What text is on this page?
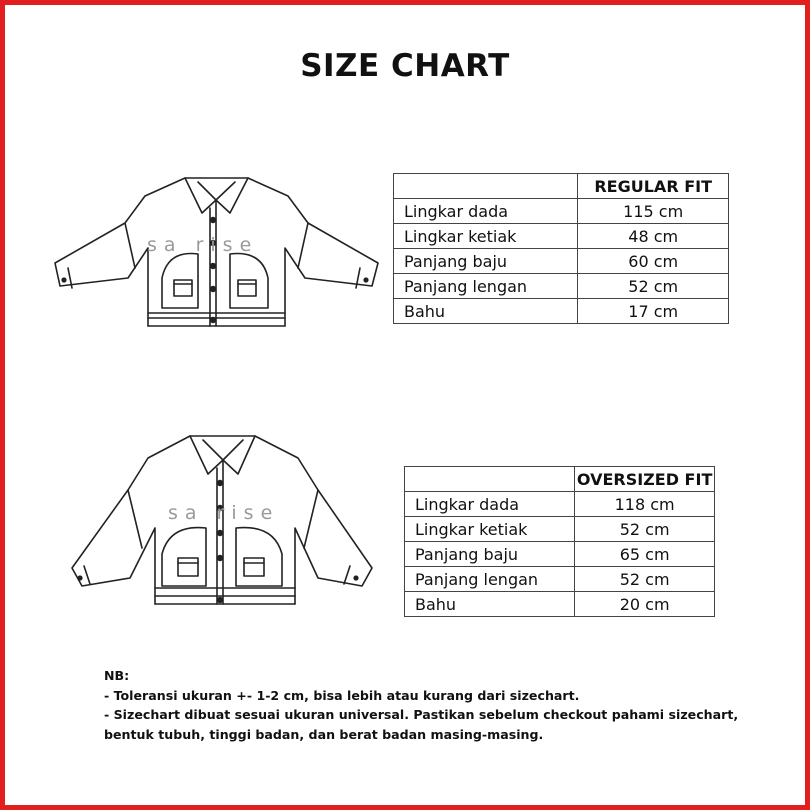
SIZE CHART
sa rise
	REGULAR FIT
Lingkar dada	115 cm
Lingkar ketiak	48 cm
Panjang baju	60 cm
Panjang lengan	52 cm
Bahu	17 cm
sa rise
	OVERSIZED FIT
Lingkar dada	118 cm
Lingkar ketiak	52 cm
Panjang baju	65 cm
Panjang lengan	52 cm
Bahu	20 cm
NB:
- Toleransi ukuran +- 1-2 cm, bisa lebih atau kurang dari sizechart.
- Sizechart dibuat sesuai ukuran universal. Pastikan sebelum checkout pahami sizechart,
bentuk tubuh, tinggi badan, dan berat badan masing-masing.
